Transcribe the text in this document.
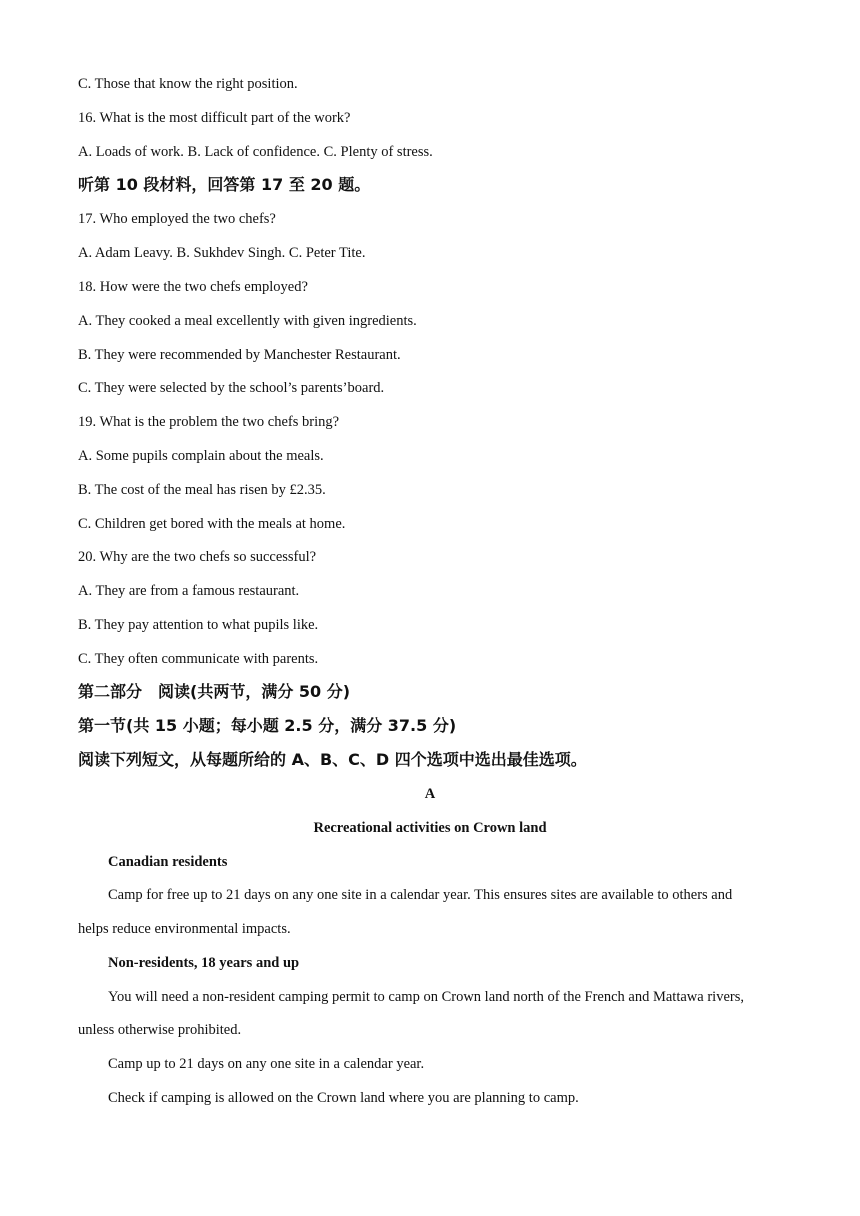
C. Those that know the right position.
16. What is the most difficult part of the work?
A. Loads of work. B. Lack of confidence. C. Plenty of stress.
听第 10 段材料，回答第 17 至 20 题。
17. Who employed the two chefs?
A. Adam Leavy. B. Sukhdev Singh. C. Peter Tite.
18. How were the two chefs employed?
A. They cooked a meal excellently with given ingredients.
B. They were recommended by Manchester Restaurant.
C. They were selected by the school’s parents’board.
19. What is the problem the two chefs bring?
A. Some pupils complain about the meals.
B. The cost of the meal has risen by £2.35.
C. Children get bored with the meals at home.
20. Why are the two chefs so successful?
A. They are from a famous restaurant.
B. They pay attention to what pupils like.
C. They often communicate with parents.
第二部分　阅读(共两节，满分 50 分)
第一节(共 15 小题；每小题 2.5 分，满分 37.5 分)
阅读下列短文，从每题所给的 A、B、C、D 四个选项中选出最佳选项。
A
Recreational activities on Crown land
Canadian residents
Camp for free up to 21 days on any one site in a calendar year. This ensures sites are available to others and
helps reduce environmental impacts.
Non-residents, 18 years and up
You will need a non-resident camping permit to camp on Crown land north of the French and Mattawa rivers,
unless otherwise prohibited.
Camp up to 21 days on any one site in a calendar year.
Check if camping is allowed on the Crown land where you are planning to camp.
